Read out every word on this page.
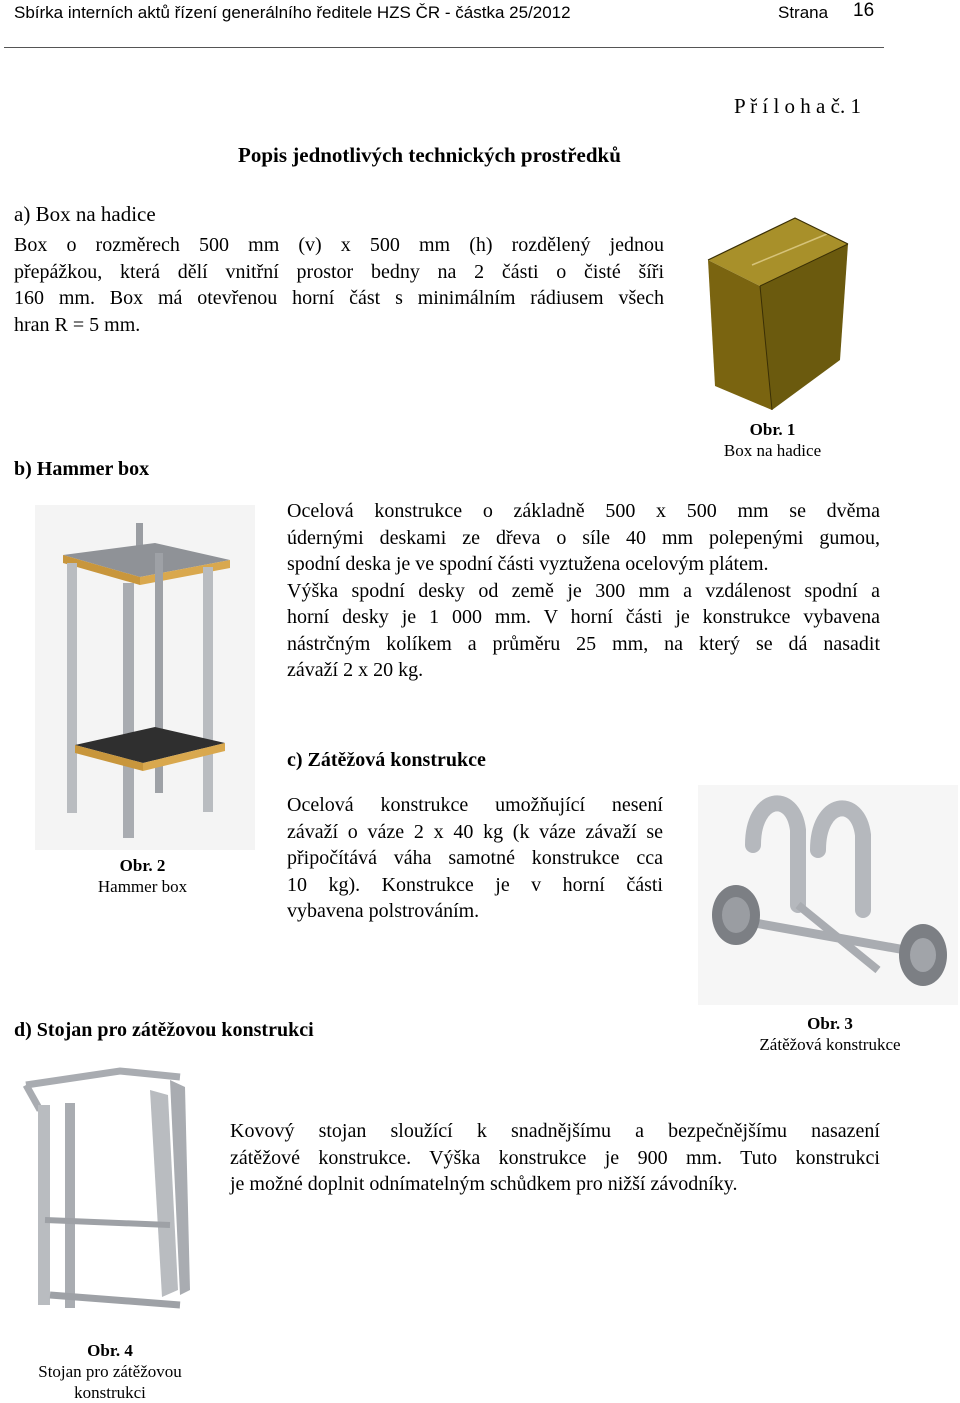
Sbírka interních aktů řízení generálního ředitele HZS ČR - částka 25/2012	Strana 16
P ř í l o h a č. 1
Popis jednotlivých technických prostředků
a) Box na hadice
Box o rozměrech 500 mm (v) x 500 mm (h) rozdělený jednou
přepážkou, která dělí vnitřní prostor bedny na 2 části o čisté šíři
160 mm. Box má otevřenou horní část s minimálním rádiusem všech
hran R = 5 mm.
Obr. 1
Box na hadice
b) Hammer box
Obr. 2
Hammer box
Ocelová konstrukce o základně 500 x 500 mm se dvěma
údernými deskami ze dřeva o síle 40 mm polepenými gumou,
spodní deska je ve spodní části vyztužena ocelovým plátem.
Výška spodní desky od země je 300 mm a vzdálenost spodní a
horní desky je 1 000 mm. V horní části je konstrukce vybavena
nástrčným kolíkem a průměru 25 mm, na který se dá nasadit
závaží 2 x 20 kg.
c) Zátěžová konstrukce
Ocelová konstrukce umožňující nesení
závaží o váze 2 x 40 kg (k váze závaží se
připočítává váha samotné konstrukce cca
10 kg). Konstrukce je v horní části
vybavena polstrováním.
Obr. 3
Zátěžová konstrukce
d) Stojan pro zátěžovou konstrukci
Obr. 4
Stojan pro zátěžovou
konstrukci
Kovový stojan sloužící k snadnějšímu a bezpečnějšímu nasazení
zátěžové konstrukce. Výška konstrukce je 900 mm. Tuto konstrukci
je možné doplnit odnímatelným schůdkem pro nižší závodníky.
